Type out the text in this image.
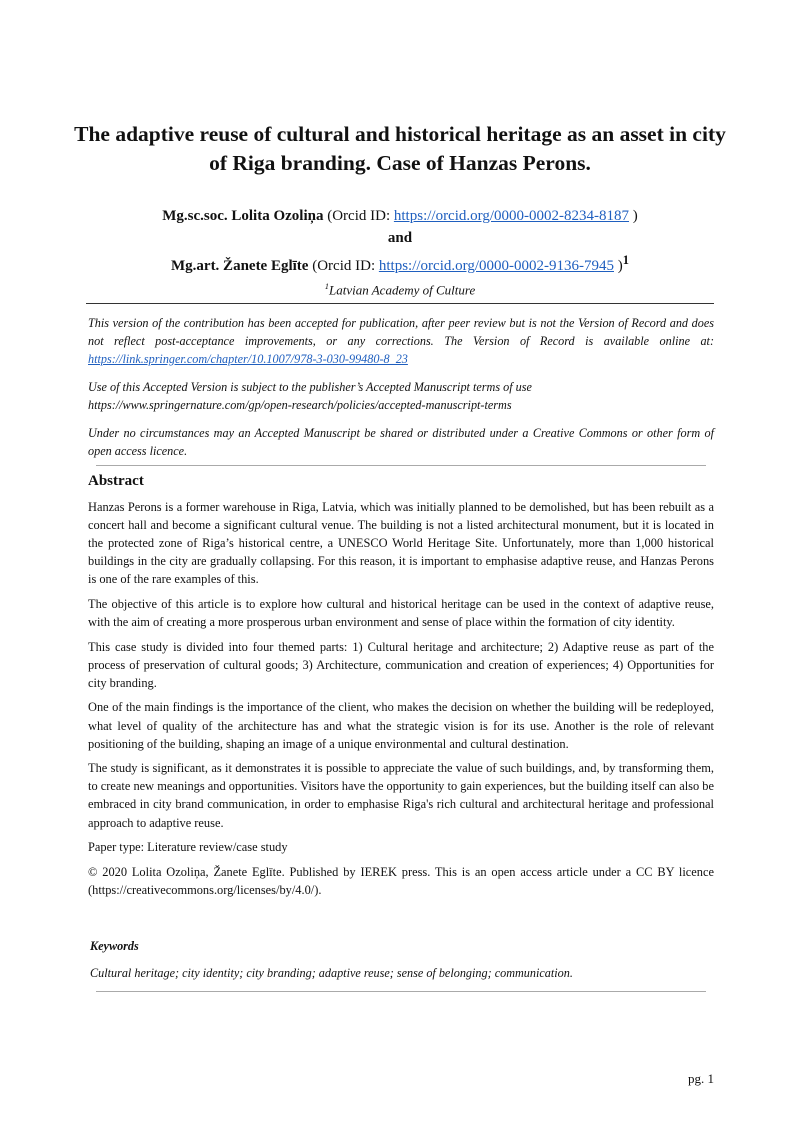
The adaptive reuse of cultural and historical heritage as an asset in city of Riga branding. Case of Hanzas Perons.
Mg.sc.soc. Lolita Ozoliņa (Orcid ID: https://orcid.org/0000-0002-8234-8187 )
and
Mg.art. Žanete Eglīte (Orcid ID: https://orcid.org/0000-0002-9136-7945 )$^1$
$^1$Latvian Academy of Culture

This version of the contribution has been accepted for publication, after peer review but is not the Version of Record and does not reflect post-acceptance improvements, or any corrections. The Version of Record is available online at: https://link.springer.com/chapter/10.1007/978-3-030-99480-8_23

Use of this Accepted Version is subject to the publisher’s Accepted Manuscript terms of use
https://www.springernature.com/gp/open-research/policies/accepted-manuscript-terms

Under no circumstances may an Accepted Manuscript be shared or distributed under a Creative Commons or other form of open access licence.

Abstract

Hanzas Perons is a former warehouse in Riga, Latvia, which was initially planned to be demolished, but has been rebuilt as a concert hall and become a significant cultural venue. The building is not a listed architectural monument, but it is located in the protected zone of Riga’s historical centre, a UNESCO World Heritage Site. Unfortunately, more than 1,000 historical buildings in the city are gradually collapsing. For this reason, it is important to emphasise adaptive reuse, and Hanzas Perons is one of the rare examples of this.

The objective of this article is to explore how cultural and historical heritage can be used in the context of adaptive reuse, with the aim of creating a more prosperous urban environment and sense of place within the formation of city identity.

This case study is divided into four themed parts: 1) Cultural heritage and architecture; 2) Adaptive reuse as part of the process of preservation of cultural goods; 3) Architecture, communication and creation of experiences; 4) Opportunities for city branding.

One of the main findings is the importance of the client, who makes the decision on whether the building will be redeployed, what level of quality of the architecture has and what the strategic vision is for its use. Another is the role of relevant positioning of the building, shaping an image of a unique environmental and cultural destination.

The study is significant, as it demonstrates it is possible to appreciate the value of such buildings, and, by transforming them, to create new meanings and opportunities. Visitors have the opportunity to gain experiences, but the building itself can also be embraced in city brand communication, in order to emphasise Riga's rich cultural and architectural heritage and professional approach to adaptive reuse.

Paper type: Literature review/case study

© 2020 Lolita Ozoliņa, Žanete Eglīte. Published by IEREK press. This is an open access article under a CC BY licence (https://creativecommons.org/licenses/by/4.0/).

Keywords

Cultural heritage; city identity; city branding; adaptive reuse; sense of belonging; communication.

pg. 1
